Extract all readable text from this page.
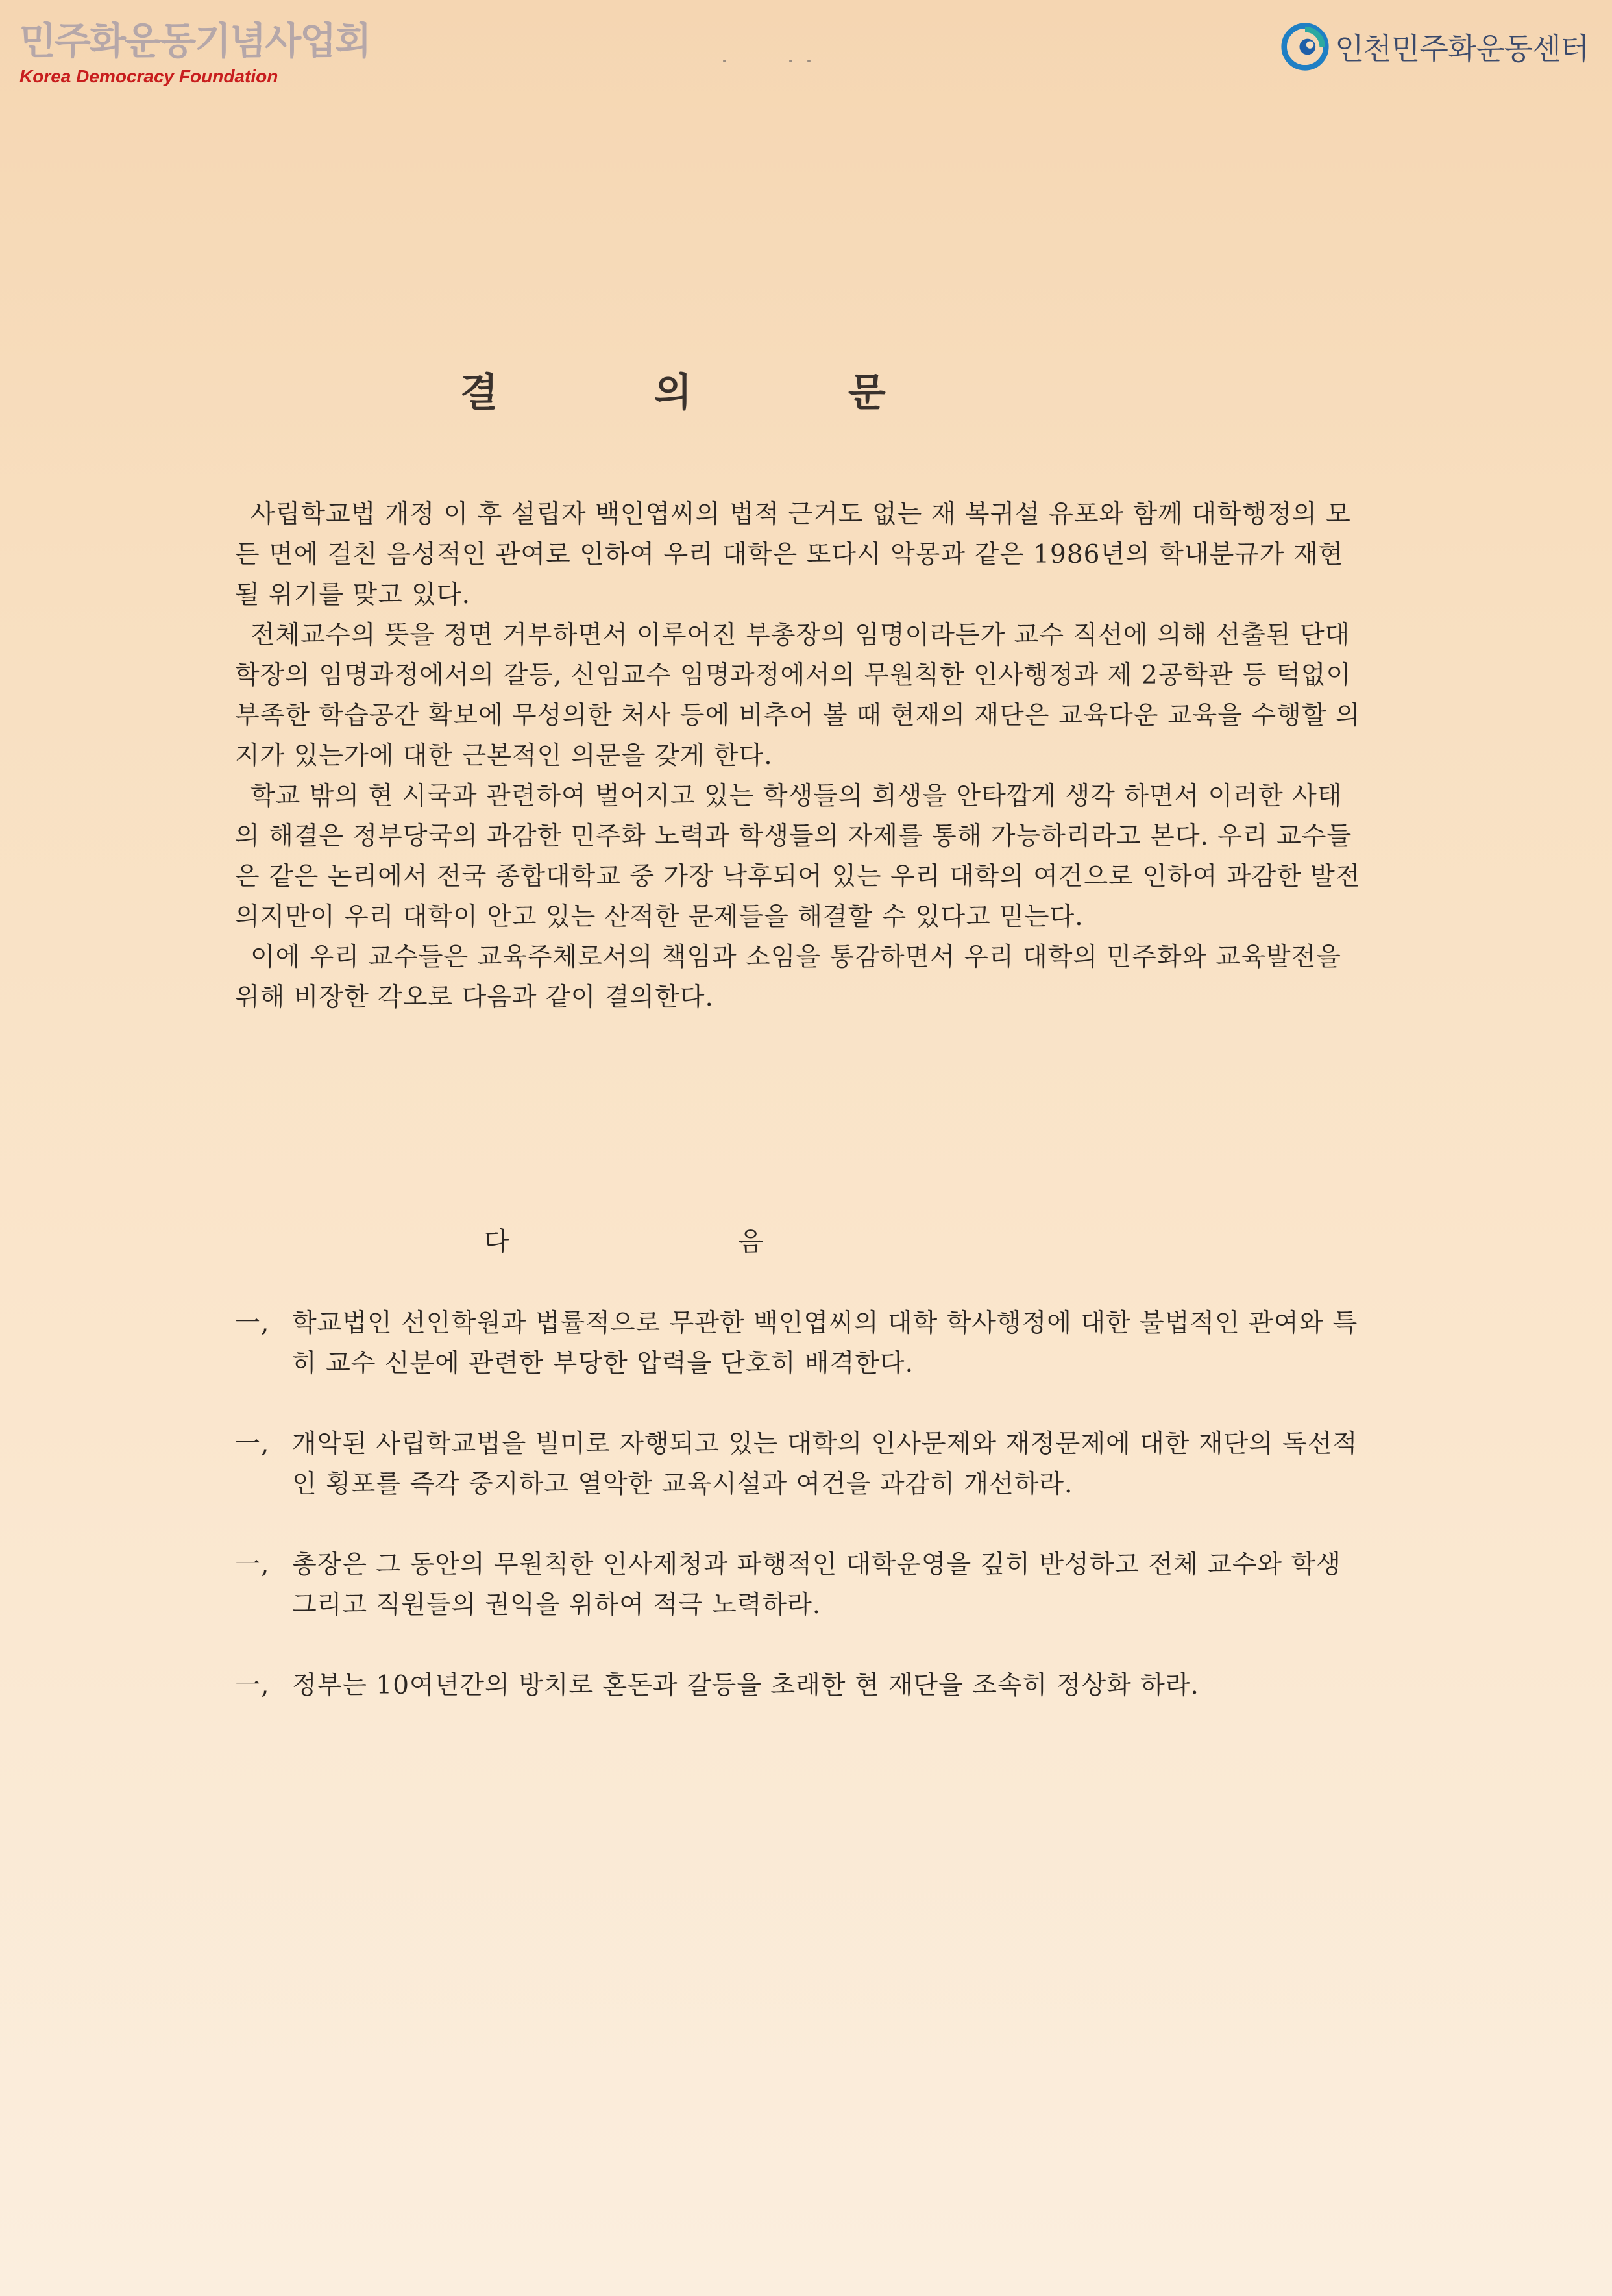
민주화운동기념사업회
Korea Democracy Foundation
인천민주화운동센터
결 의 문

사립학교법 개정 이 후 설립자 백인엽씨의 법적 근거도 없는 재 복귀설 유포와 함께 대학행정의 모든 면에 걸친 음성적인 관여로 인하여 우리 대학은 또다시 악몽과 같은 1986년의 학내분규가 재현될 위기를 맞고 있다.

전체교수의 뜻을 정면 거부하면서 이루어진 부총장의 임명이라든가 교수 직선에 의해 선출된 단대학장의 임명과정에서의 갈등, 신임교수 임명과정에서의 무원칙한 인사행정과 제 2공학관 등 턱없이 부족한 학습공간 확보에 무성의한 처사 등에 비추어 볼 때 현재의 재단은 교육다운 교육을 수행할 의지가 있는가에 대한 근본적인 의문을 갖게 한다.

학교 밖의 현 시국과 관련하여 벌어지고 있는 학생들의 희생을 안타깝게 생각 하면서 이러한 사태의 해결은 정부당국의 과감한 민주화 노력과 학생들의 자제를 통해 가능하리라고 본다. 우리 교수들은 같은 논리에서 전국 종합대학교 중 가장 낙후되어 있는 우리 대학의 여건으로 인하여 과감한 발전 의지만이 우리 대학이 안고 있는 산적한 문제들을 해결할 수 있다고 믿는다.

이에 우리 교수들은 교육주체로서의 책임과 소임을 통감하면서 우리 대학의 민주화와 교육발전을 위해 비장한 각오로 다음과 같이 결의한다.

다 음
一, 학교법인 선인학원과 법률적으로 무관한 백인엽씨의 대학 학사행정에 대한 불법적인 관여와 특히 교수 신분에 관련한 부당한 압력을 단호히 배격한다.
一, 개악된 사립학교법을 빌미로 자행되고 있는 대학의 인사문제와 재정문제에 대한 재단의 독선적인 횡포를 즉각 중지하고 열악한 교육시설과 여건을 과감히 개선하라.
一, 총장은 그 동안의 무원칙한 인사제청과 파행적인 대학운영을 깊히 반성하고 전체 교수와 학생 그리고 직원들의 권익을 위하여 적극 노력하라.
一, 정부는 10여년간의 방치로 혼돈과 갈등을 초래한 현 재단을 조속히 정상화 하라.
